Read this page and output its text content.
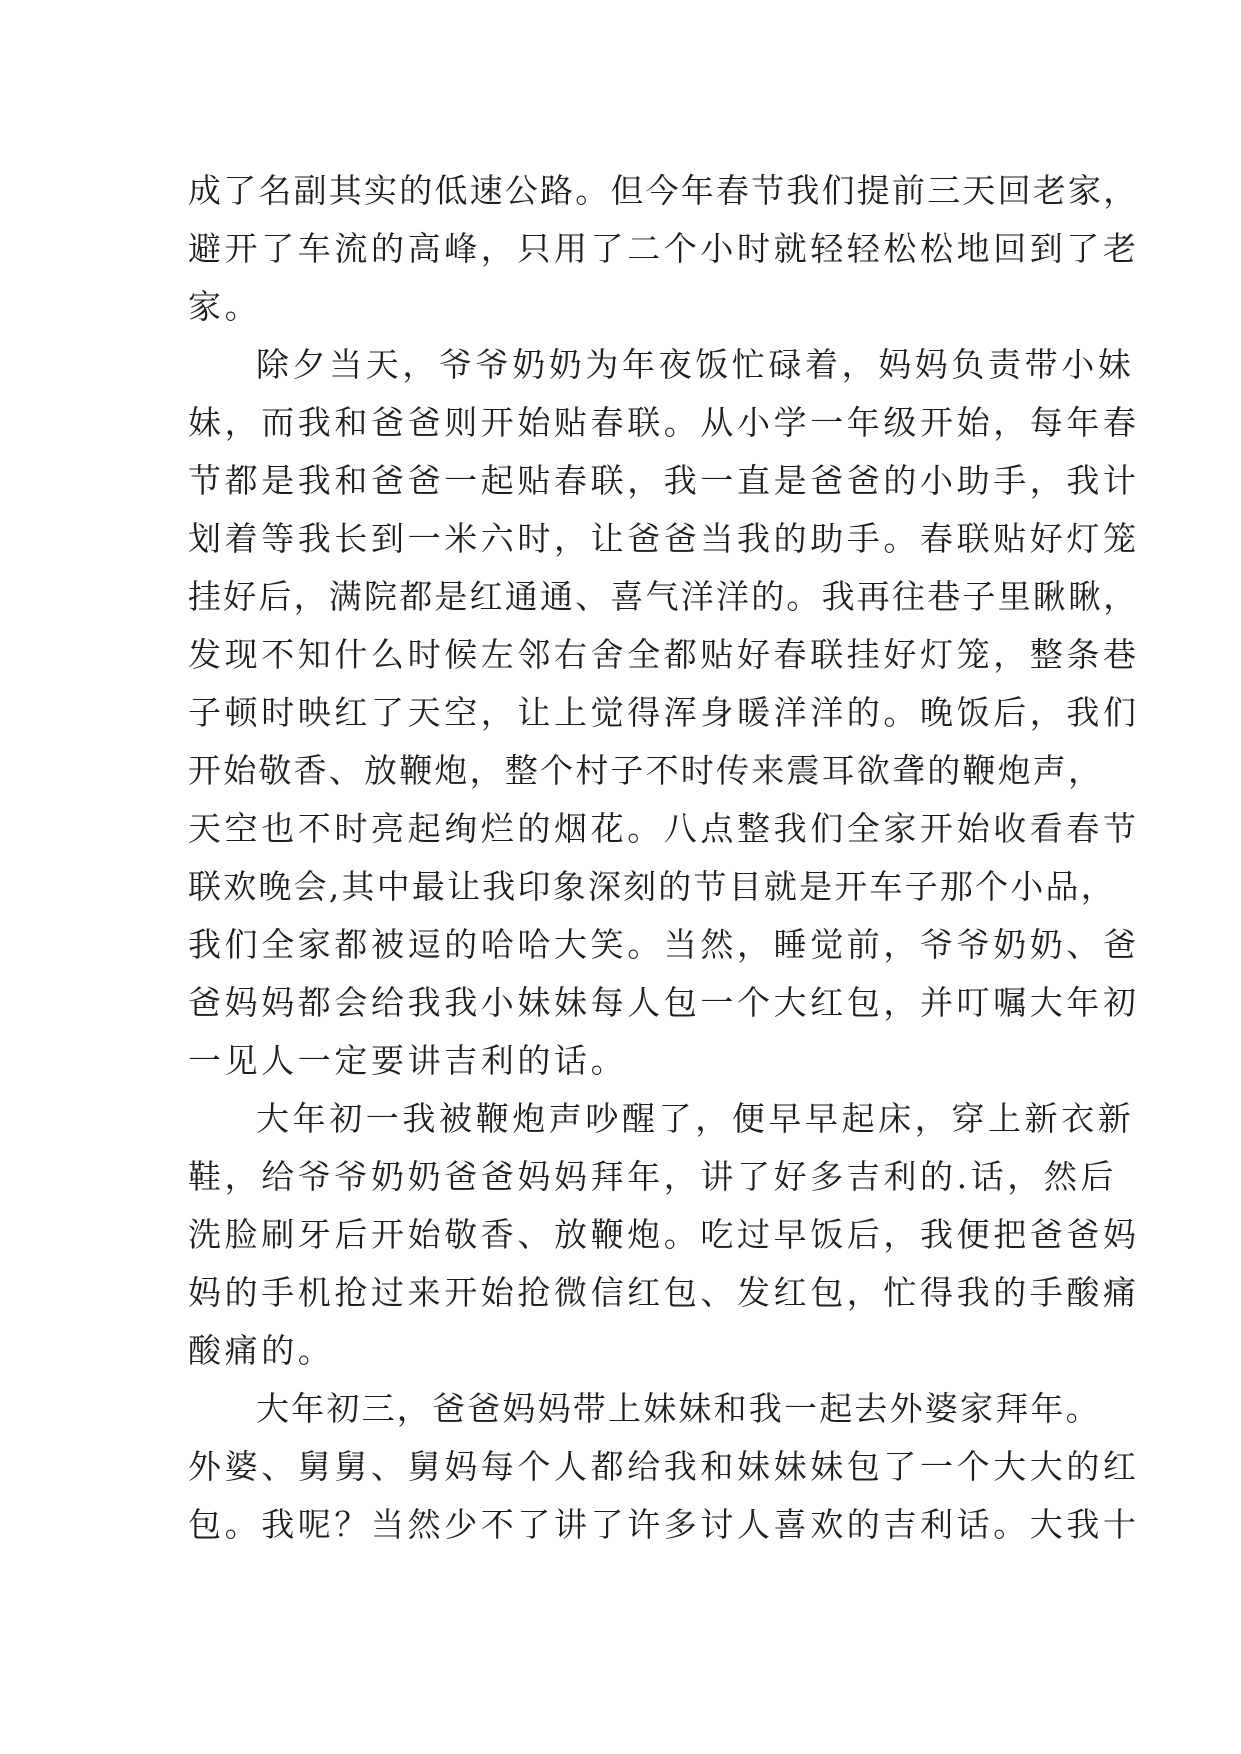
成了名副其实的低速公路。但今年春节我们提前三天回老家，
避开了车流的高峰，只用了二个小时就轻轻松松地回到了老
家。
除夕当天，爷爷奶奶为年夜饭忙碌着，妈妈负责带小妹
妹，而我和爸爸则开始贴春联。从小学一年级开始，每年春
节都是我和爸爸一起贴春联，我一直是爸爸的小助手，我计
划着等我长到一米六时，让爸爸当我的助手。春联贴好灯笼
挂好后，满院都是红通通、喜气洋洋的。我再往巷子里瞅瞅，
发现不知什么时候左邻右舍全都贴好春联挂好灯笼，整条巷
子顿时映红了天空，让上觉得浑身暖洋洋的。晚饭后，我们
开始敬香、放鞭炮，整个村子不时传来震耳欲聋的鞭炮声，
天空也不时亮起绚烂的烟花。八点整我们全家开始收看春节
联欢晚会,其中最让我印象深刻的节目就是开车子那个小品，
我们全家都被逗的哈哈大笑。当然，睡觉前，爷爷奶奶、爸
爸妈妈都会给我我小妹妹每人包一个大红包，并叮嘱大年初
一见人一定要讲吉利的话。
大年初一我被鞭炮声吵醒了，便早早起床，穿上新衣新
鞋，给爷爷奶奶爸爸妈妈拜年，讲了好多吉利的.话，然后
洗脸刷牙后开始敬香、放鞭炮。吃过早饭后，我便把爸爸妈
妈的手机抢过来开始抢微信红包、发红包，忙得我的手酸痛
酸痛的。
大年初三，爸爸妈妈带上妹妹和我一起去外婆家拜年。
外婆、舅舅、舅妈每个人都给我和妹妹妹包了一个大大的红
包。我呢？当然少不了讲了许多讨人喜欢的吉利话。大我十
